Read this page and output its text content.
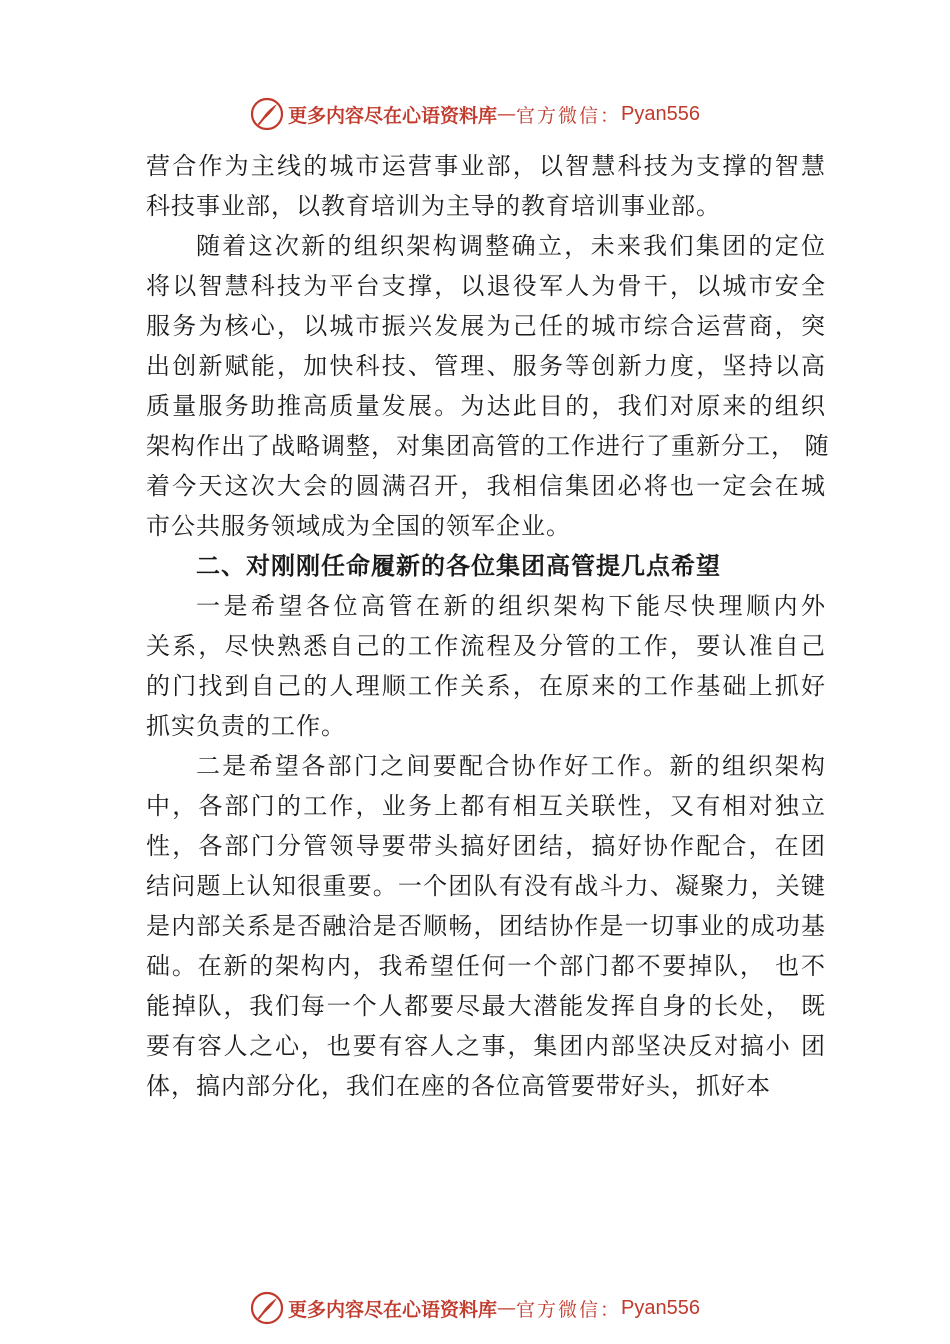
更多内容尽在心语资料库 — 官方微信： Pyan556
营合作为主线的城市运营事业部，以智慧科技为支撑的智慧
科技事业部，以教育培训为主导的教育培训事业部。
随着这次新的组织架构调整确立，未来我们集团的定位
将以智慧科技为平台支撑，以退役军人为骨干，以城市安全
服务为核心，以城市振兴发展为己任的城市综合运营商，突
出创新赋能，加快科技、管理、服务等创新力度，坚持以高
质量服务助推高质量发展。为达此目的，我们对原来的组织
架构作出了战略调整，对集团高管的工作进行了重新分工， 随
着今天这次大会的圆满召开，我相信集团必将也一定会在城
市公共服务领域成为全国的领军企业。
二、对刚刚任命履新的各位集团高管提几点希望
一是希望各位高管在新的组织架构下能尽快理顺内外
关系，尽快熟悉自己的工作流程及分管的工作，要认准自己
的门找到自己的人理顺工作关系，在原来的工作基础上抓好
抓实负责的工作。
二是希望各部门之间要配合协作好工作。新的组织架构
中，各部门的工作，业务上都有相互关联性，又有相对独立
性，各部门分管领导要带头搞好团结，搞好协作配合，在团
结问题上认知很重要。一个团队有没有战斗力、凝聚力，关键
是内部关系是否融洽是否顺畅，团结协作是一切事业的成功基
础。在新的架构内，我希望任何一个部门都不要掉队， 也不
能掉队，我们每一个人都要尽最大潜能发挥自身的长处， 既
要有容人之心，也要有容人之事，集团内部坚决反对搞小 团
体，搞内部分化，我们在座的各位高管要带好头，抓好本
更多内容尽在心语资料库 — 官方微信： Pyan556
